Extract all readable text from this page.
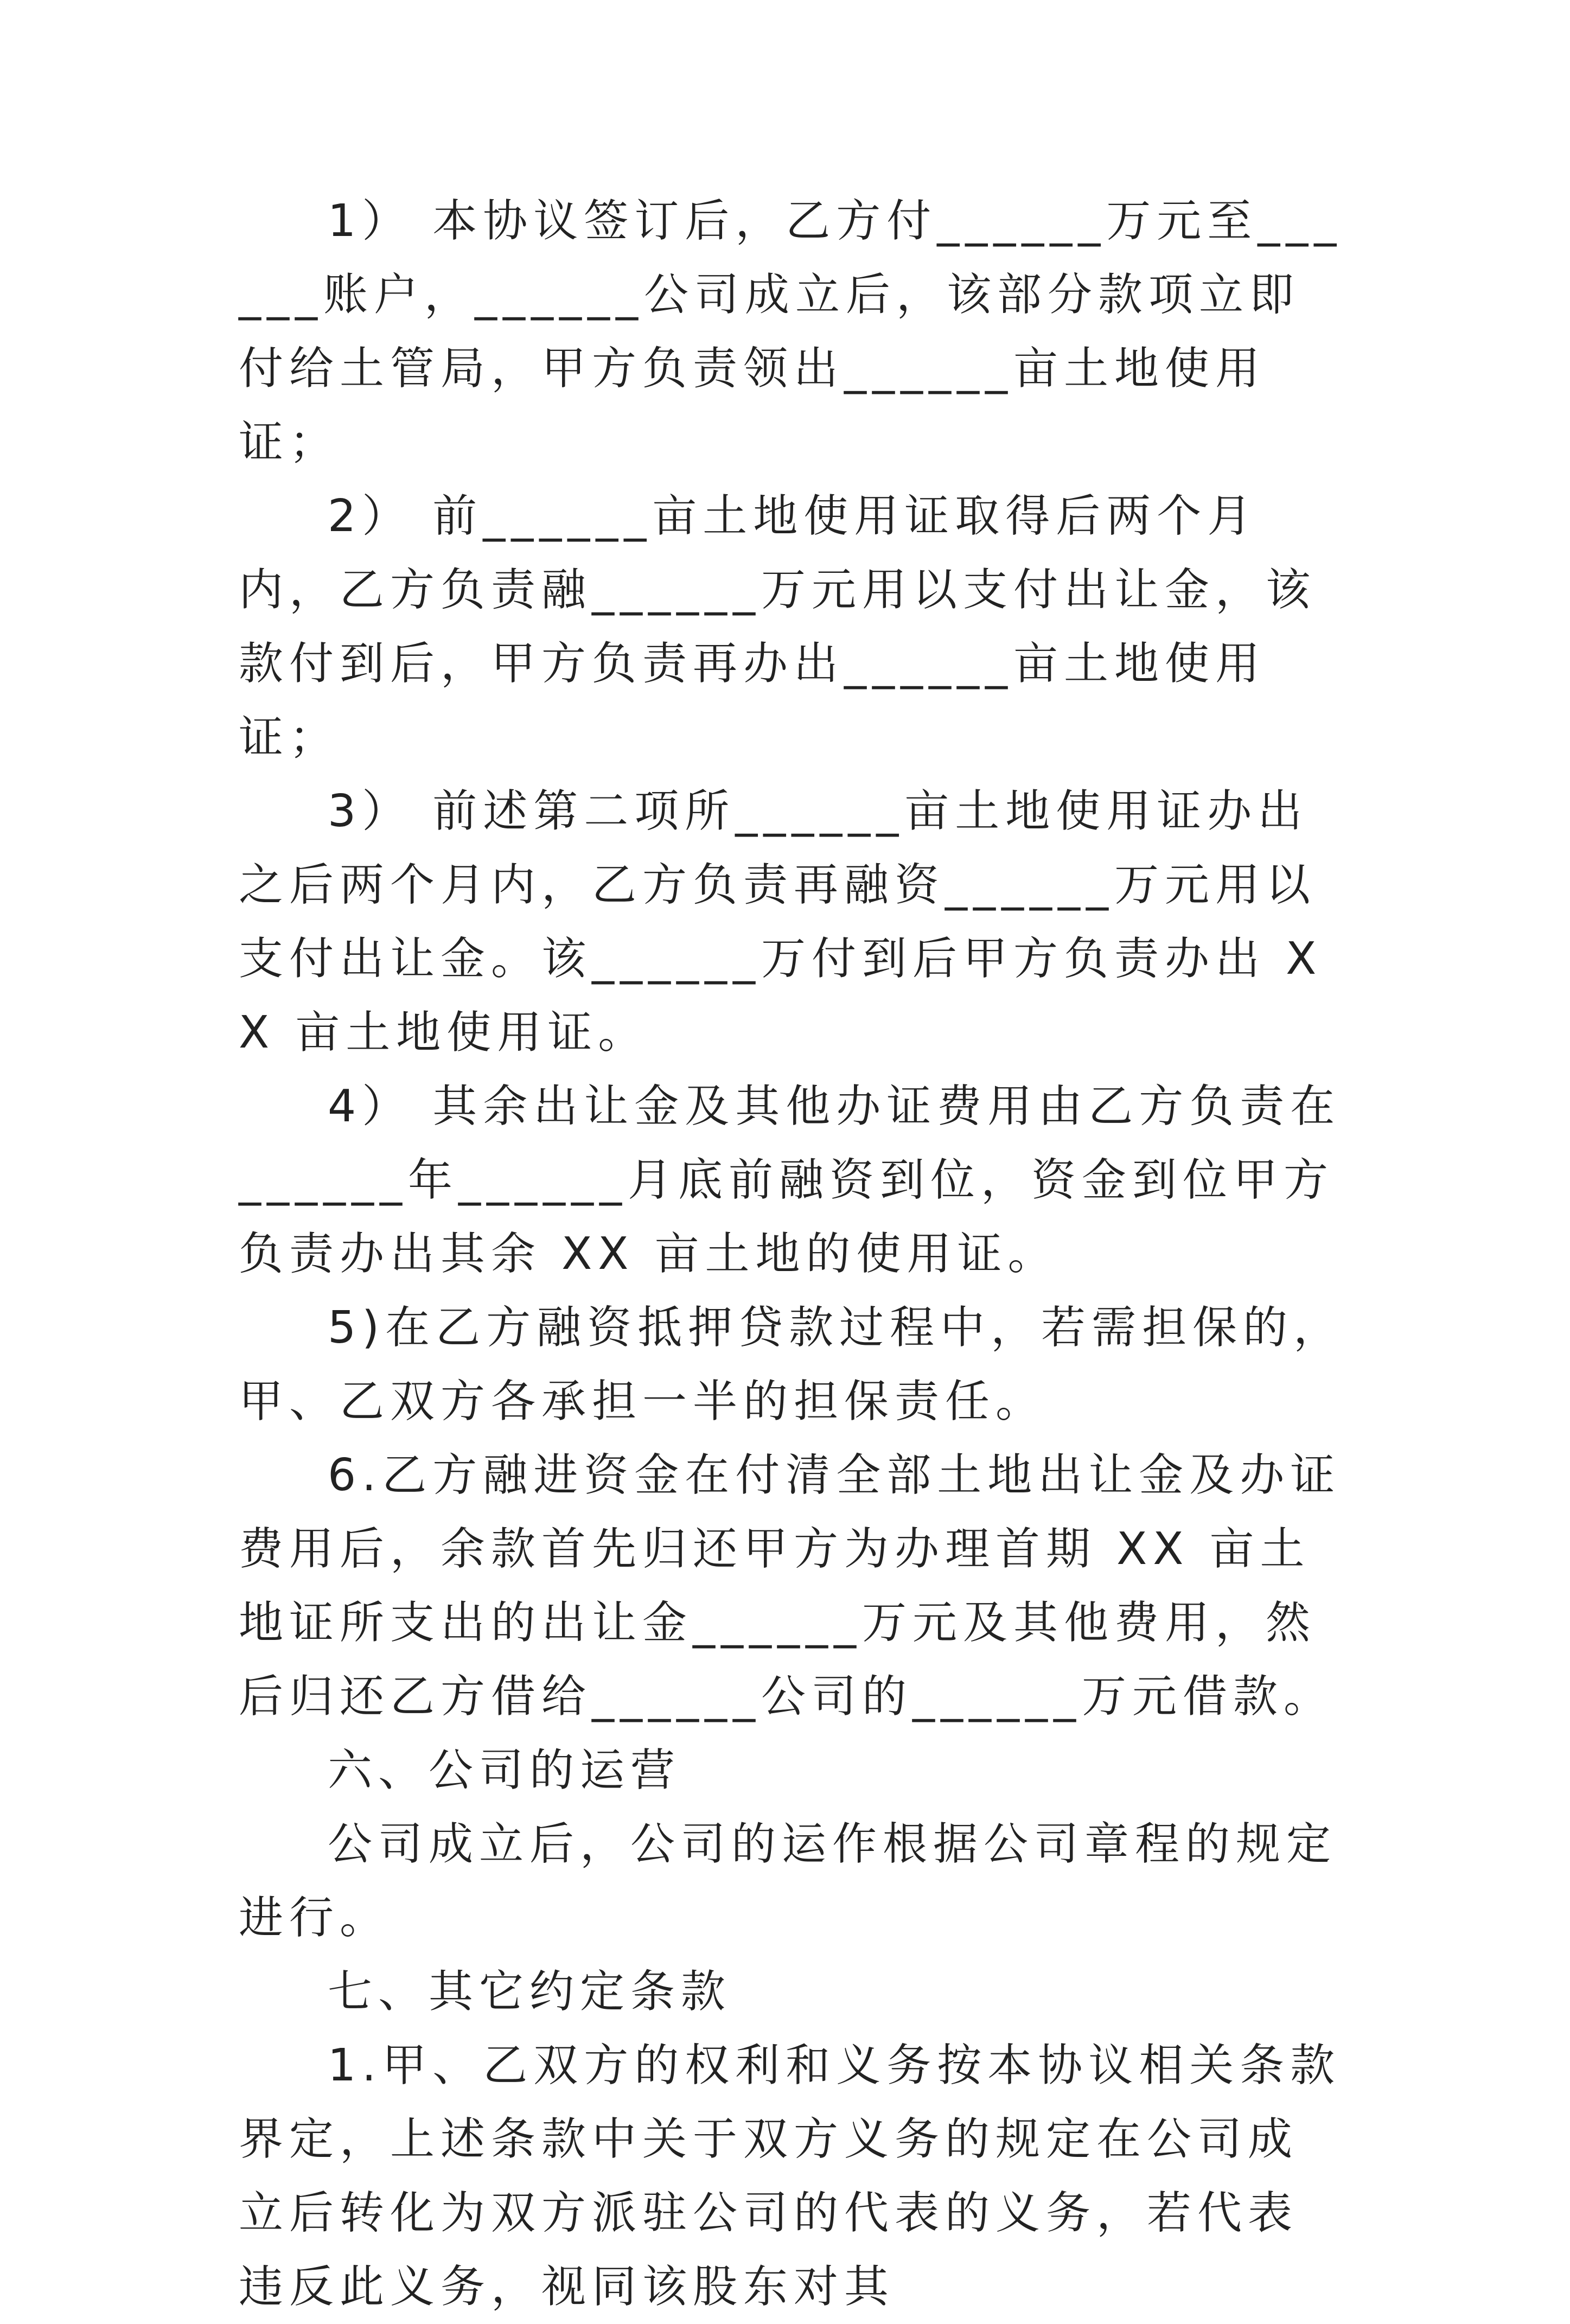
1） 本协议签订后，乙方付______万元至______账户，______公司成立后，该部分款项立即付给土管局，甲方负责领出______亩土地使用证；

2） 前______亩土地使用证取得后两个月内，乙方负责融______万元用以支付出让金，该款付到后，甲方负责再办出______亩土地使用证；

3） 前述第二项所______亩土地使用证办出之后两个月内，乙方负责再融资______万元用以支付出让金。该______万付到后甲方负责办出 XX 亩土地使用证。

4） 其余出让金及其他办证费用由乙方负责在______年______月底前融资到位，资金到位甲方负责办出其余 XX 亩土地的使用证。

5)在乙方融资抵押贷款过程中，若需担保的，甲、乙双方各承担一半的担保责任。

6.乙方融进资金在付清全部土地出让金及办证费用后，余款首先归还甲方为办理首期 XX 亩土地证所支出的出让金______万元及其他费用，然后归还乙方借给______公司的______万元借款。

六、公司的运营

公司成立后，公司的运作根据公司章程的规定进行。

七、其它约定条款

1.甲、乙双方的权利和义务按本协议相关条款界定，上述条款中关于双方义务的规定在公司成立后转化为双方派驻公司的代表的义务，若代表违反此义务，视同该股东对其
